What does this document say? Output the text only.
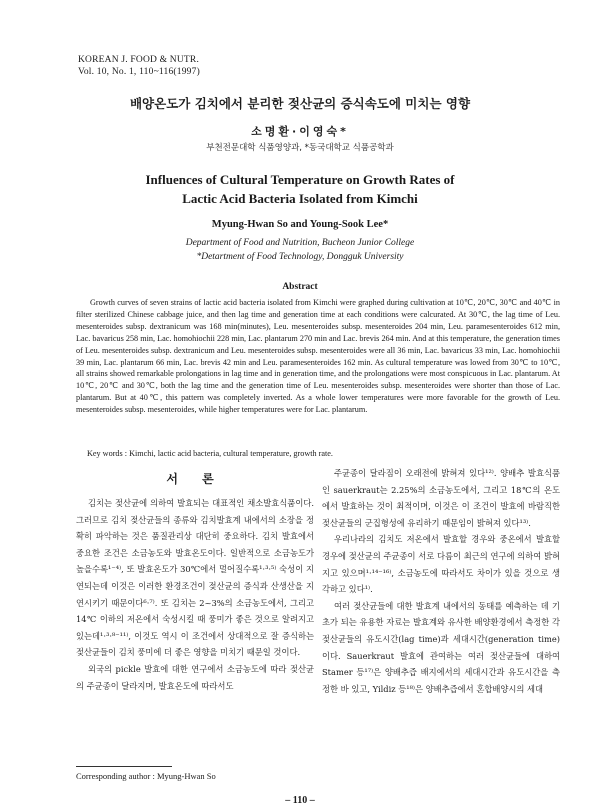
KOREAN J. FOOD & NUTR.
Vol. 10, No. 1, 110~116(1997)
배양온도가 김치에서 분리한 젖산균의 증식속도에 미치는 영향
소명환·이영숙*
부천전문대학 식품영양과, *동국대학교 식품공학과
Influences of Cultural Temperature on Growth Rates of
Lactic Acid Bacteria Isolated from Kimchi
Myung-Hwan So and Young-Sook Lee*
Department of Food and Nutrition, Bucheon Junior College
*Detartment of Food Technology, Dongguk University
Abstract

Growth curves of seven strains of lactic acid bacteria isolated from Kimchi were graphed during cultivation at 10℃, 20℃, 30℃ and 40℃ in filter sterilized Chinese cabbage juice, and then lag time and generation time at each conditions were calcurated. At 30℃, the lag time of Leu. mesenteroides subsp. dextranicum was 168 min(minutes), Leu. mesenteroides subsp. mesenteroides 204 min, Leu. paramesenteroides 612 min, Lac. bavaricus 258 min, Lac. homohiochii 228 min, Lac. plantarum 270 min and Lac. brevis 264 min. And at this temperature, the generation times of Leu. mesenteroides subsp. dextranicum and Leu. mesenteroides subsp. mesenteroides were all 36 min, Lac. bavaricus 33 min, Lac. homohiochii 39 min, Lac. plantarum 66 min, Lac. brevis 42 min and Leu. paramesenteroides 162 min. As cultural temperature was lowed from 30℃ to 10℃, all strains showed remarkable prolongations in lag time and in generation time, and the prolongations were most conspicuous in Lac. plantarum. At 10℃, 20℃ and 30℃, both the lag time and the generation time of Leu. mesenteroides subsp. mesenteroides were shorter than those of Lac. plantarum. But at 40℃, this pattern was completely inverted. As a whole lower temperatures were more favorable for the growth of Leu. mesenteroides subsp. mesenteroides, while higher temperatures were for Lac. plantarum.

Key words : Kimchi, lactic acid bacteria, cultural temperature, growth rate.

서 론

김치는 젖산균에 의하여 발효되는 대표적인 채소발효식품이다. 그러므로 김치 젖산균들의 종류와 김치발효계 내에서의 소장을 정확히 파악하는 것은 품질관리상 대단히 중요하다. 김치 발효에서 중요한 조건은 소금농도와 발효온도이다. 일반적으로 소금농도가 높을수록¹⁻⁴⁾, 또 발효온도가 30℃에서 멀어질수록¹·³·⁵⁾ 숙성이 지연되는데 이것은 이러한 환경조건이 젖산균의 증식과 산생산을 지연시키기 때문이다⁶·⁷⁾. 또 김치는 2~3%의 소금농도에서, 그리고 14℃ 이하의 저온에서 숙성시킬 때 풍미가 좋은 것으로 알려지고 있는데¹·³·⁸⁻¹¹⁾, 이것도 역시 이 조건에서 상대적으로 잘 증식하는 젖산균들이 김치 풍미에 더 좋은 영향을 미치기 때문일 것이다.

외국의 pickle 발효에 대한 연구에서 소금농도에 따라 젖산균의 주균종이 달라지며, 발효온도에 따라서도

주균종이 달라짐이 오래전에 밝혀져 있다¹²⁾. 양배추 발효식품인 sauerkraut는 2.25%의 소금농도에서, 그리고 18℃의 온도에서 발효하는 것이 최적이며, 이것은 이 조건이 발효에 바람직한 젖산균들의 군집형성에 유리하기 때문임이 밝혀져 있다¹³⁾.

우리나라의 김치도 저온에서 발효할 경우와 중온에서 발효할 경우에 젖산균의 주균종이 서로 다름이 최근의 연구에 의하여 밝혀지고 있으며¹·¹⁴⁻¹⁶⁾, 소금농도에 따라서도 차이가 있을 것으로 생각하고 있다¹⁾.

여러 젖산균들에 대한 발효계 내에서의 동태를 예측하는 데 기초가 되는 유용한 자료는 발효계와 유사한 배양환경에서 측정한 각 젖산균들의 유도시간(lag time)과 세대시간(generation time)이다. Sauerkraut 발효에 관여하는 여러 젖산균들에 대하여 Stamer 등¹⁷⁾은 양배추즙 배지에서의 세대시간과 유도시간을 측정한 바 있고, Yildiz 등¹⁸⁾은 양배추즙에서 혼합배양시의 세대

Corresponding author : Myung-Hwan So
– 110 –
